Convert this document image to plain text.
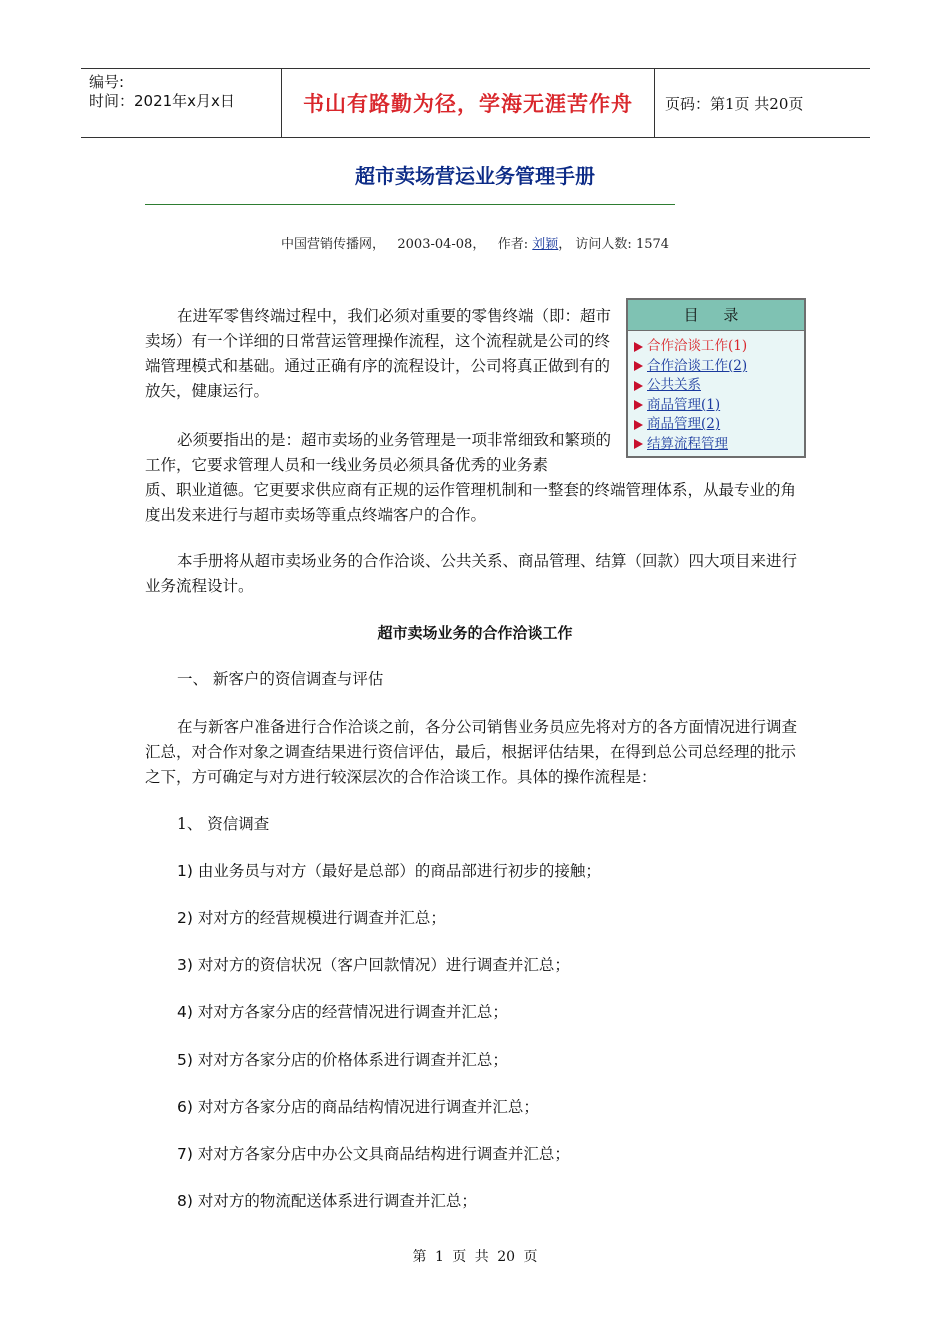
编号:
时间：2021年x月x日	书山有路勤为径，学海无涯苦作舟	页码：第1页 共20页
超市卖场营运业务管理手册
中国营销传播网， 2003-04-08， 作者: 刘颖， 访问人数: 1574
在进军零售终端过程中，我们必须对重要的零售终端（即：超市卖场）有一个详细的日常营运管理操作流程，这个流程就是公司的终端管理模式和基础。通过正确有序的流程设计，公司将真正做到有的放矢，健康运行。
必须要指出的是：超市卖场的业务管理是一项非常细致和繁琐的工作，它要求管理人员和一线业务员必须具备优秀的业务素
质、职业道德。它更要求供应商有正规的运作管理机制和一整套的终端管理体系，从最专业的角度出发来进行与超市卖场等重点终端客户的合作。
本手册将从超市卖场业务的合作洽谈、公共关系、商品管理、结算（回款）四大项目来进行业务流程设计。
目 录
合作洽谈工作(1)
合作洽谈工作(2)
公共关系
商品管理(1)
商品管理(2)
结算流程管理
超市卖场业务的合作洽谈工作
一、 新客户的资信调查与评估
在与新客户准备进行合作洽谈之前，各分公司销售业务员应先将对方的各方面情况进行调查汇总，对合作对象之调查结果进行资信评估，最后，根据评估结果，在得到总公司总经理的批示之下，方可确定与对方进行较深层次的合作洽谈工作。具体的操作流程是：
1、 资信调查
1) 由业务员与对方（最好是总部）的商品部进行初步的接触；
2) 对对方的经营规模进行调查并汇总；
3) 对对方的资信状况（客户回款情况）进行调查并汇总；
4) 对对方各家分店的经营情况进行调查并汇总；
5) 对对方各家分店的价格体系进行调查并汇总；
6) 对对方各家分店的商品结构情况进行调查并汇总；
7) 对对方各家分店中办公文具商品结构进行调查并汇总；
8) 对对方的物流配送体系进行调查并汇总；
第 1 页 共 20 页
